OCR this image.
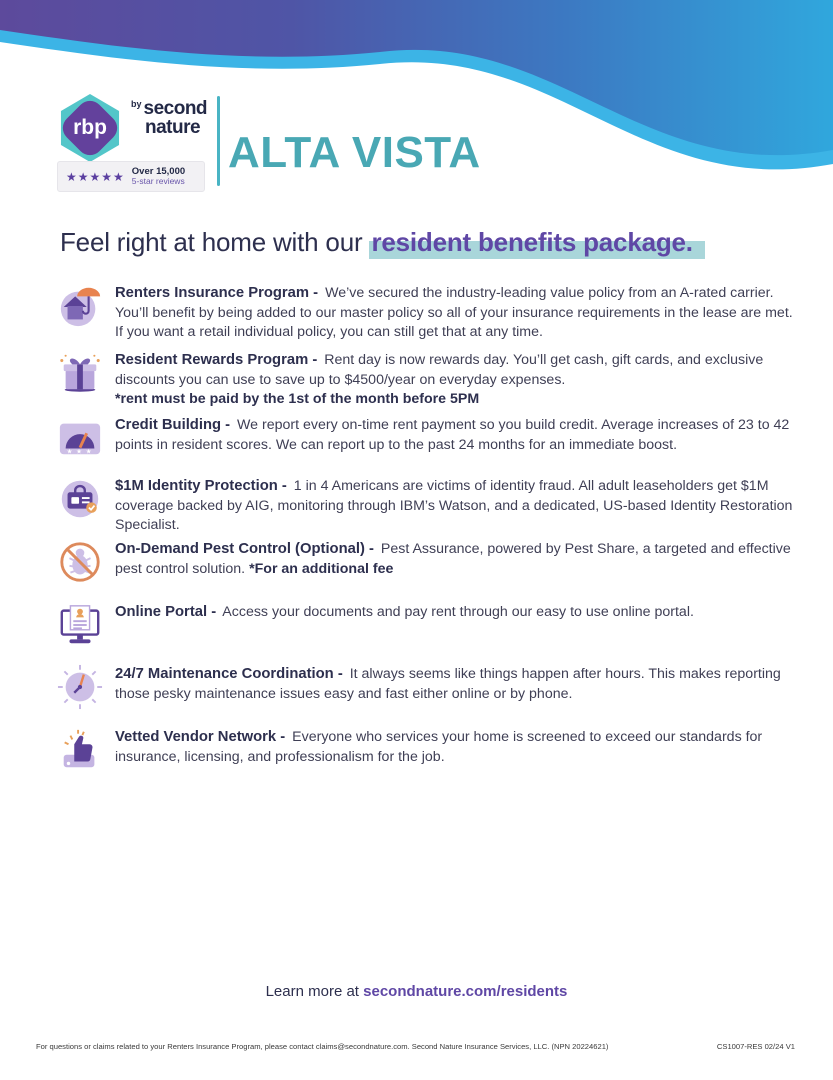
rbp
$^{by}$ second
nature
★★★★★ Over 15,000
5-star reviews
ALTA VISTA
Feel right at home with our resident benefits package.

Renters Insurance Program - We’ve secured the industry-leading value policy from an A-rated carrier. You’ll benefit by being added to our master policy so all of your insurance requirements in the lease are met. If you want a retail individual policy, you can still get that at any time.

Resident Rewards Program - Rent day is now rewards day. You’ll get cash, gift cards, and exclusive discounts you can use to save up to $4500/year on everyday expenses.
*rent must be paid by the 1st of the month before 5PM

★ ★ ★

Credit Building - We report every on-time rent payment so you build credit. Average increases of 23 to 42 points in resident scores. We can report up to the past 24 months for an immediate boost.

$1M Identity Protection - 1 in 4 Americans are victims of identity fraud. All adult leaseholders get $1M coverage backed by AIG, monitoring through IBM’s Watson, and a dedicated, US-based Identity Restoration Specialist.

On-Demand Pest Control (Optional) - Pest Assurance, powered by Pest Share, a targeted and effective pest control solution. *For an additional fee

Online Portal - Access your documents and pay rent through our easy to use online portal.

24/7 Maintenance Coordination - It always seems like things happen after hours. This makes reporting those pesky maintenance issues easy and fast either online or by phone.

Vetted Vendor Network - Everyone who services your home is screened to exceed our standards for insurance, licensing, and professionalism for the job.

Learn more at secondnature.com/residents
For questions or claims related to your Renters Insurance Program, please contact claims@secondnature.com. Second Nature Insurance Services, LLC. (NPN 20224621)	CS1007-RES 02/24 V1
